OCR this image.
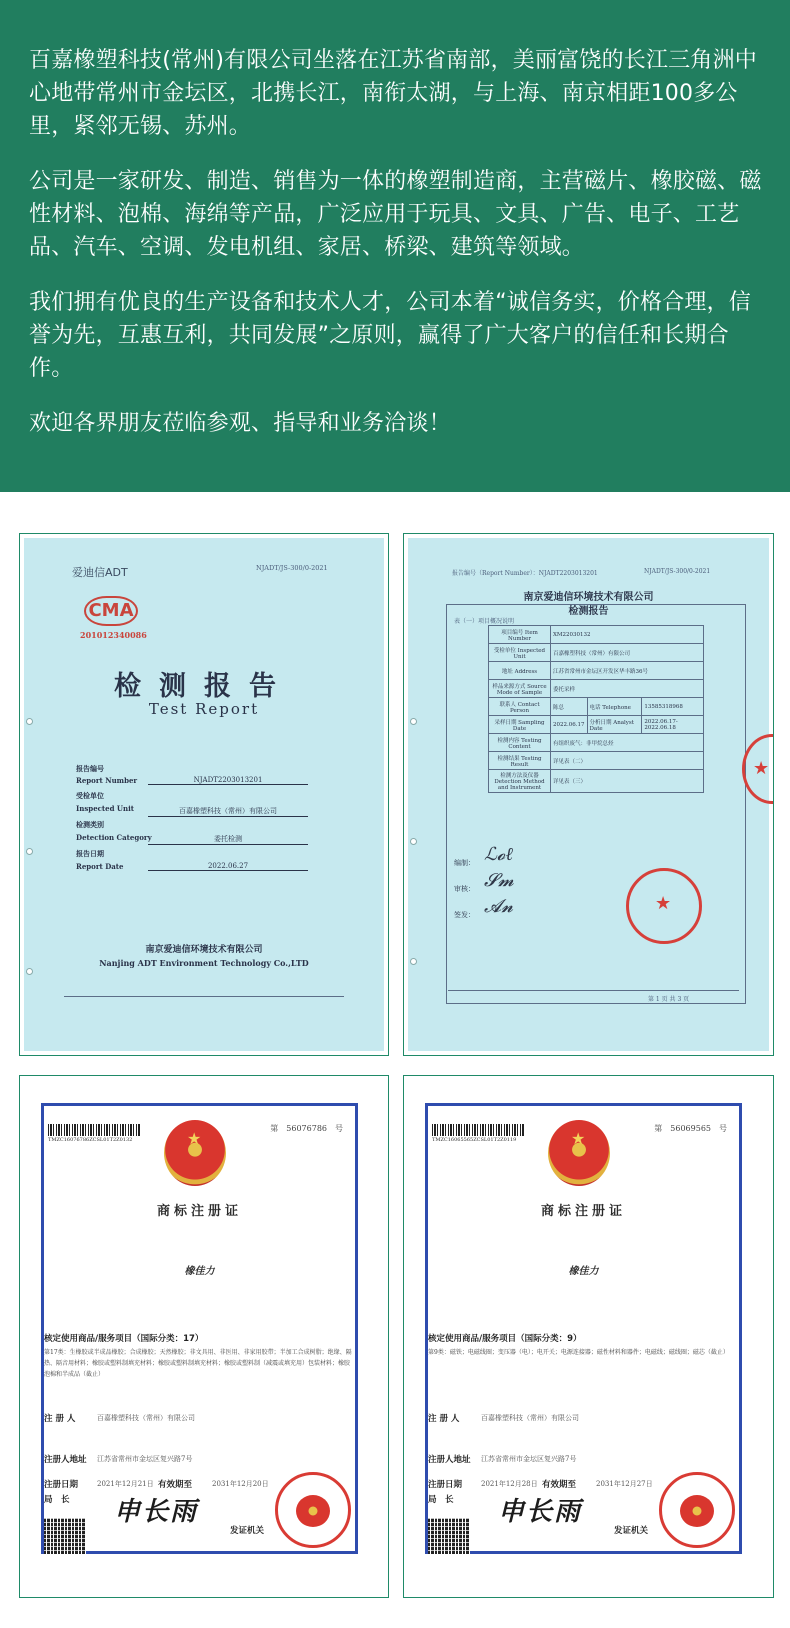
百嘉橡塑科技(常州)有限公司坐落在江苏省南部，美丽富饶的长江三角洲中心地带常州市金坛区，北携长江，南衔太湖，与上海、南京相距100多公里，紧邻无锡、苏州。

公司是一家研发、制造、销售为一体的橡塑制造商，主营磁片、橡胶磁、磁性材料、泡棉、海绵等产品，广泛应用于玩具、文具、广告、电子、工艺品、汽车、空调、发电机组、家居、桥梁、建筑等领域。

我们拥有优良的生产设备和技术人才，公司本着“诚信务实，价格合理，信誉为先，互惠互利，共同发展”之原则，赢得了广大客户的信任和长期合作。

欢迎各界朋友莅临参观、指导和业务洽谈！

爱迪信ADT	NJADT/JS-300/0-2021
CMA
201012340086
检测报告
Test Report
报告编号
Report Number	NJADT2203013201
受检单位
Inspected Unit	百嘉橡塑科技（常州）有限公司
检测类别
Detection Category	委托检测
报告日期
Report Date	2022.06.27
南京爱迪信环境技术有限公司
Nanjing ADT Environment Technology Co.,LTD
报告编号（Report Number）：NJADT2203013201	NJADT/JS-300/0-2021
南京爱迪信环境技术有限公司
检测报告
表（一）项目概况说明
项目编号 Item Number	XM22030132		
受检单位 Inspected Unit	百嘉橡塑科技（常州）有限公司		
地址 Address	江苏省常州市金坛区开发区华丰路36号		
样品来源方式 Source Mode of Sample	委托采样		
联系人 Contact Person	陈总	电话 Telephone	13585318968
采样日期 Sampling Date	2022.06.17	分析日期 Analyst Date	2022.06.17-2022.06.18
检测内容 Testing Content	有组织废气：非甲烷总烃		
检测结果 Testing Result	详见表（二）		
检测方法及仪器 Detection Method and Instrument	详见表（三）		
编制： ℒ𝓸ℓ
审核： 𝓢𝓶
签发： 𝓐𝓷	★
★
第 1 页 共 3 页
TMZC16076786ZCSL01T2Z0132
第　 56076786　 号
★
商标注册证
橡佳力
核定使用商品/服务项目（国际分类：17）
第17类：生橡胶或半成品橡胶；合成橡胶；天然橡胶；非文具用、非医用、非家用胶带；半加工合成树脂；绝缘、隔热、隔音用材料；橡胶或塑料制填充材料；橡胶或塑料制填充材料；橡胶或塑料制（减震或填充用）包装材料；橡胶泡棉和半成品（截止）
注 册 人	百嘉橡塑科技（常州）有限公司
注册人地址 江苏省常州市金坛区复兴路7号
注册日期	2021年12月21日 有效期至	2031年12月20日
局　长 申长雨
发证机关
TMZC16065565ZCSL01T2Z0119
第　 56069565　 号
★
商标注册证
橡佳力
核定使用商品/服务项目（国际分类：9）
第9类：磁铁；电磁线圈；变压器（电）；电开关；电源连接器；磁性材料和器件；电磁线；磁线圈；磁芯（截止）
注 册 人	百嘉橡塑科技（常州）有限公司
注册人地址 江苏省常州市金坛区复兴路7号
注册日期	2021年12月28日 有效期至	2031年12月27日
局　长 申长雨
发证机关
